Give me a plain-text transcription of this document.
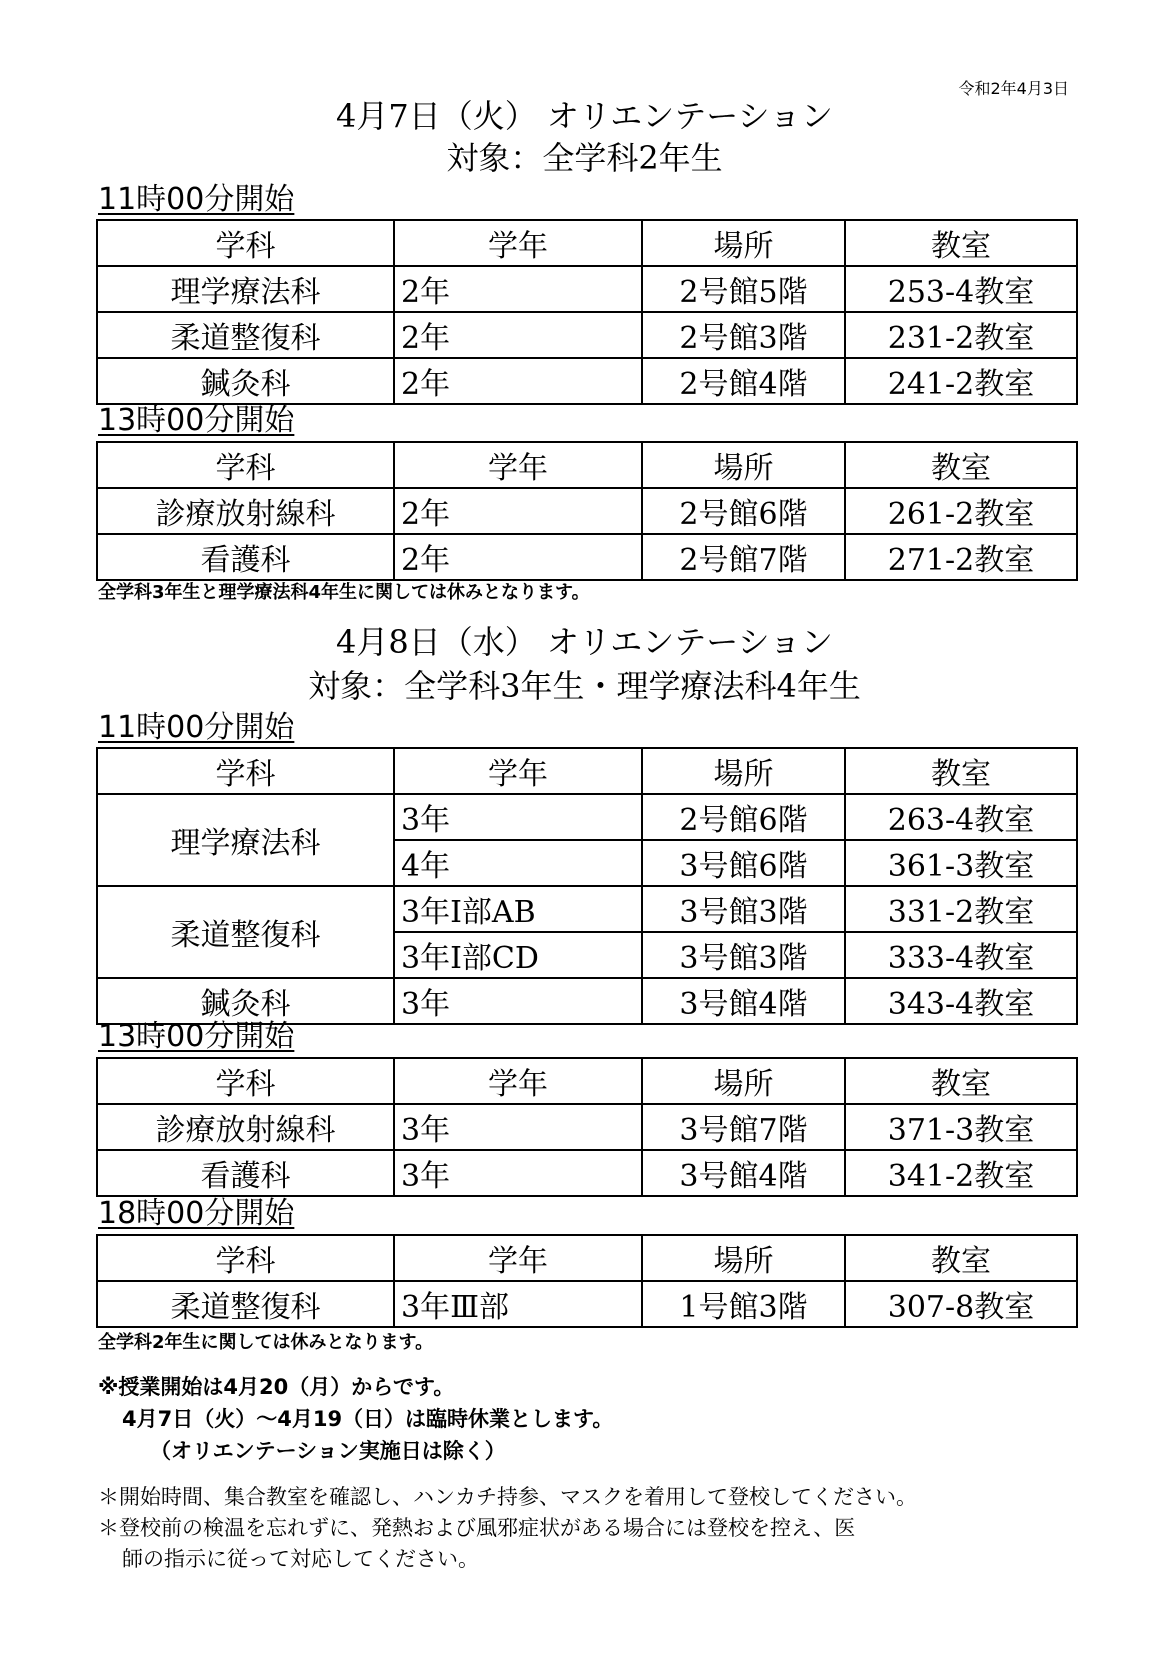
令和2年4月3日
4月7日（火） オリエンテーション
対象：全学科2年生
11時00分開始
学科	学年	場所	教室
理学療法科	2年	2号館5階	253-4教室
柔道整復科	2年	2号館3階	231-2教室
鍼灸科	2年	2号館4階	241-2教室
13時00分開始
学科	学年	場所	教室
診療放射線科	2年	2号館6階	261-2教室
看護科	2年	2号館7階	271-2教室
全学科3年生と理学療法科4年生に関しては休みとなります。
4月8日（水） オリエンテーション
対象：全学科3年生・理学療法科4年生
11時00分開始
学科	学年	場所	教室
理学療法科	3年	2号館6階	263-4教室
	4年	3号館6階	361-3教室
柔道整復科	3年Ⅰ部AB	3号館3階	331-2教室
	3年Ⅰ部CD	3号館3階	333-4教室
鍼灸科	3年	3号館4階	343-4教室
13時00分開始
学科	学年	場所	教室
診療放射線科	3年	3号館7階	371-3教室
看護科	3年	3号館4階	341-2教室
18時00分開始
学科	学年	場所	教室
柔道整復科	3年Ⅲ部	1号館3階	307-8教室
全学科2年生に関しては休みとなります。
※授業開始は4月20（月）からです。
4月7日（火）～4月19（日）は臨時休業とします。
（オリエンテーション実施日は除く）
＊開始時間、集合教室を確認し、ハンカチ持参、マスクを着用して登校してください。
＊登校前の検温を忘れずに、発熱および風邪症状がある場合には登校を控え、医
師の指示に従って対応してください。
